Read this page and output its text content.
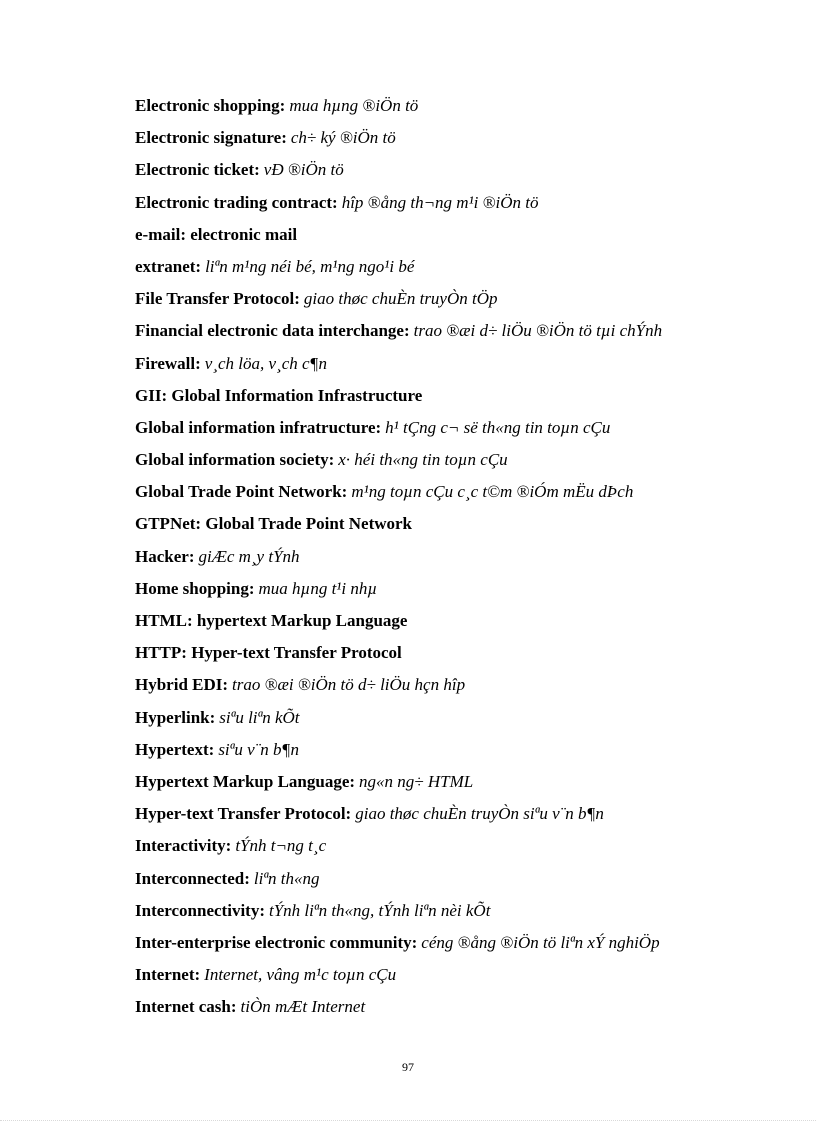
Electronic shopping: mua hµng ®iÖn tö
Electronic signature: ch÷ ký ®iÖn tö
Electronic ticket: vÐ ®iÖn tö
Electronic trading contract: hîp ®ång th¬ng m¹i ®iÖn tö
e-mail: electronic mail
extranet: liªn m¹ng néi bé, m¹ng ngo¹i bé
File Transfer Protocol: giao thøc chuÈn truyÒn tÖp
Financial electronic data interchange: trao ®æi d÷ liÖu ®iÖn tö tµi chÝnh
Firewall: v¸ch löa, v¸ch c¶n
GII: Global Information Infrastructure
Global information infratructure: h¹ tÇng c¬ së th«ng tin toµn cÇu
Global information society: x· héi th«ng tin toµn cÇu
Global Trade Point Network: m¹ng toµn cÇu c¸c t©m ®iÓm mËu dÞch
GTPNet: Global Trade Point Network
Hacker: giÆc m¸y tÝnh
Home shopping: mua hµng t¹i nhµ
HTML: hypertext Markup Language
HTTP: Hyper-text Transfer Protocol
Hybrid EDI: trao ®æi ®iÖn tö d÷ liÖu hçn hîp
Hyperlink: siªu liªn kÕt
Hypertext: siªu v¨n b¶n
Hypertext Markup Language: ng«n ng÷ HTML
Hyper-text Transfer Protocol: giao thøc chuÈn truyÒn siªu v¨n b¶n
Interactivity: tÝnh t¬ng t¸c
Interconnected: liªn th«ng
Interconnectivity: tÝnh liªn th«ng, tÝnh liªn nèi kÕt
Inter-enterprise electronic community: céng ®ång ®iÖn tö liªn xÝ nghiÖp
Internet: Internet, vâng m¹c toµn cÇu
Internet cash: tiÒn mÆt Internet
97
